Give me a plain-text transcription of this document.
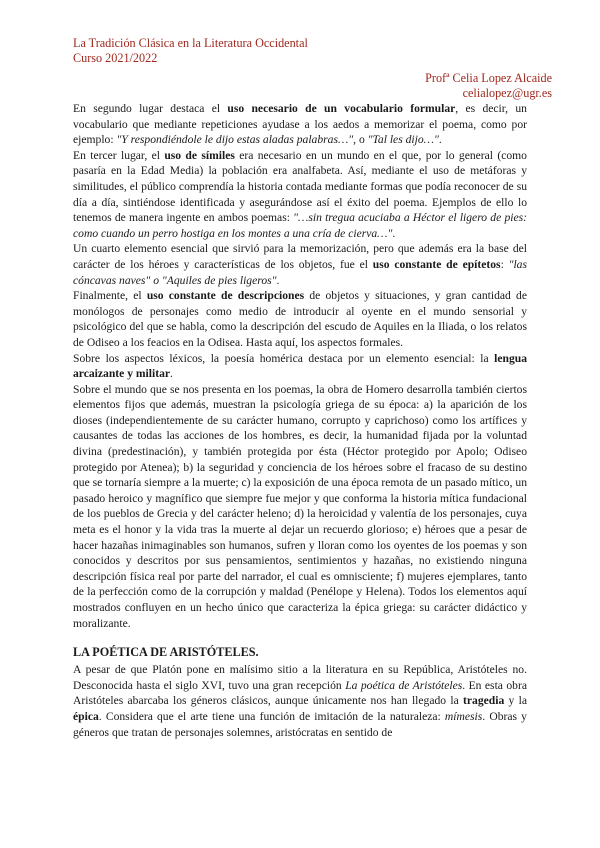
La Tradición Clásica en la Literatura Occidental
Curso 2021/2022
Profª Celia Lopez Alcaide
celialopez@ugr.es

En segundo lugar destaca el uso necesario de un vocabulario formular, es decir, un vocabulario que mediante repeticiones ayudase a los aedos a memorizar el poema, como por ejemplo: "Y respondiéndole le dijo estas aladas palabras…", o "Tal les dijo…".

En tercer lugar, el uso de símiles era necesario en un mundo en el que, por lo general (como pasaría en la Edad Media) la población era analfabeta. Así, mediante el uso de metáforas y similitudes, el público comprendía la historia contada mediante formas que podía reconocer de su día a día, sintiéndose identificada y asegurándose así el éxito del poema. Ejemplos de ello lo tenemos de manera ingente en ambos poemas: "…sin tregua acuciaba a Héctor el ligero de pies: como cuando un perro hostiga en los montes a una cría de cierva…".

Un cuarto elemento esencial que sirvió para la memorización, pero que además era la base del carácter de los héroes y características de los objetos, fue el uso constante de epítetos: "las cóncavas naves" o "Aquiles de pies ligeros".

Finalmente, el uso constante de descripciones de objetos y situaciones, y gran cantidad de monólogos de personajes como medio de introducir al oyente en el mundo sensorial y psicológico del que se habla, como la descripción del escudo de Aquiles en la Iliada, o los relatos de Odiseo a los feacios en la Odisea. Hasta aquí, los aspectos formales.

Sobre los aspectos léxicos, la poesía homérica destaca por un elemento esencial: la lengua arcaizante y militar.

Sobre el mundo que se nos presenta en los poemas, la obra de Homero desarrolla también ciertos elementos fijos que además, muestran la psicología griega de su época: a) la aparición de los dioses (independientemente de su carácter humano, corrupto y caprichoso) como los artífices y causantes de todas las acciones de los hombres, es decir, la humanidad fijada por la voluntad divina (predestinación), y también protegida por ésta (Héctor protegido por Apolo; Odiseo protegido por Atenea); b) la seguridad y conciencia de los héroes sobre el fracaso de su destino que se tornaría siempre a la muerte; c) la exposición de una época remota de un pasado mítico, un pasado heroico y magnífico que siempre fue mejor y que conforma la historia mítica fundacional de los pueblos de Grecia y del carácter heleno; d) la heroicidad y valentía de los personajes, cuya meta es el honor y la vida tras la muerte al dejar un recuerdo glorioso; e) héroes que a pesar de hacer hazañas inimaginables son humanos, sufren y lloran como los oyentes de los poemas y son conocidos y descritos por sus pensamientos, sentimientos y hazañas, no existiendo ninguna descripción física real por parte del narrador, el cual es omnisciente; f) mujeres ejemplares, tanto de la perfección como de la corrupción y maldad (Penélope y Helena). Todos los elementos aquí mostrados confluyen en un hecho único que caracteriza la épica griega: su carácter didáctico y moralizante.

LA POÉTICA DE ARISTÓTELES.

A pesar de que Platón pone en malísimo sitio a la literatura en su República, Aristóteles no. Desconocida hasta el siglo XVI, tuvo una gran recepción La poética de Aristóteles. En esta obra Aristóteles abarcaba los géneros clásicos, aunque únicamente nos han llegado la tragedia y la épica. Considera que el arte tiene una función de imitación de la naturaleza: mímesis. Obras y géneros que tratan de personajes solemnes, aristócratas en sentido de
